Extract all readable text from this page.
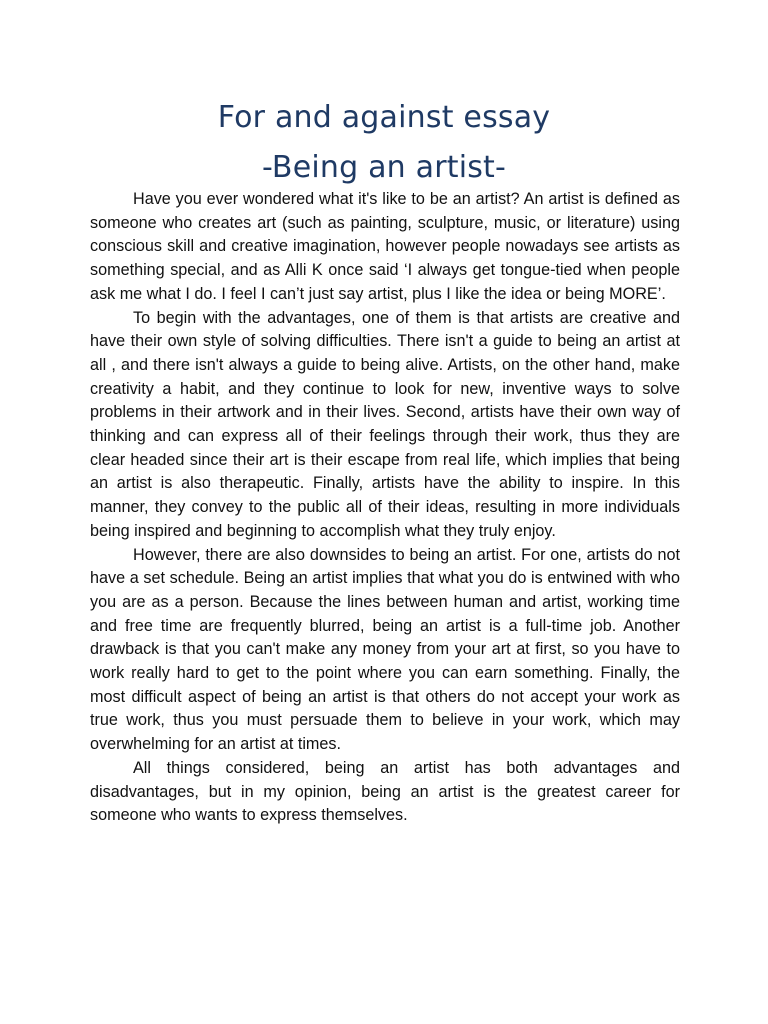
For and against essay
-Being an artist-

Have you ever wondered what it's like to be an artist? An artist is defined as someone who creates art (such as painting, sculpture, music, or literature) using conscious skill and creative imagination, however people nowadays see artists as something special, and as Alli K once said ‘I always get tongue-tied when people ask me what I do. I feel I can’t just say artist, plus I like the idea or being MORE’.

To begin with the advantages, one of them is that artists are creative and have their own style of solving difficulties. There isn't a guide to being an artist at all , and there isn't always a guide to being alive. Artists, on the other hand, make creativity a habit, and they continue to look for new, inventive ways to solve problems in their artwork and in their lives. Second, artists have their own way of thinking and can express all of their feelings through their work, thus they are clear headed since their art is their escape from real life, which implies that being an artist is also therapeutic. Finally, artists have the ability to inspire. In this manner, they convey to the public all of their ideas, resulting in more individuals being inspired and beginning to accomplish what they truly enjoy.

However, there are also downsides to being an artist. For one, artists do not have a set schedule. Being an artist implies that what you do is entwined with who you are as a person. Because the lines between human and artist, working time and free time are frequently blurred, being an artist is a full-time job. Another drawback is that you can't make any money from your art at first, so you have to work really hard to get to the point where you can earn something. Finally, the most difficult aspect of being an artist is that others do not accept your work as true work, thus you must persuade them to believe in your work, which may overwhelming for an artist at times.

All things considered, being an artist has both advantages and disadvantages, but in my opinion, being an artist is the greatest career for someone who wants to express themselves.
